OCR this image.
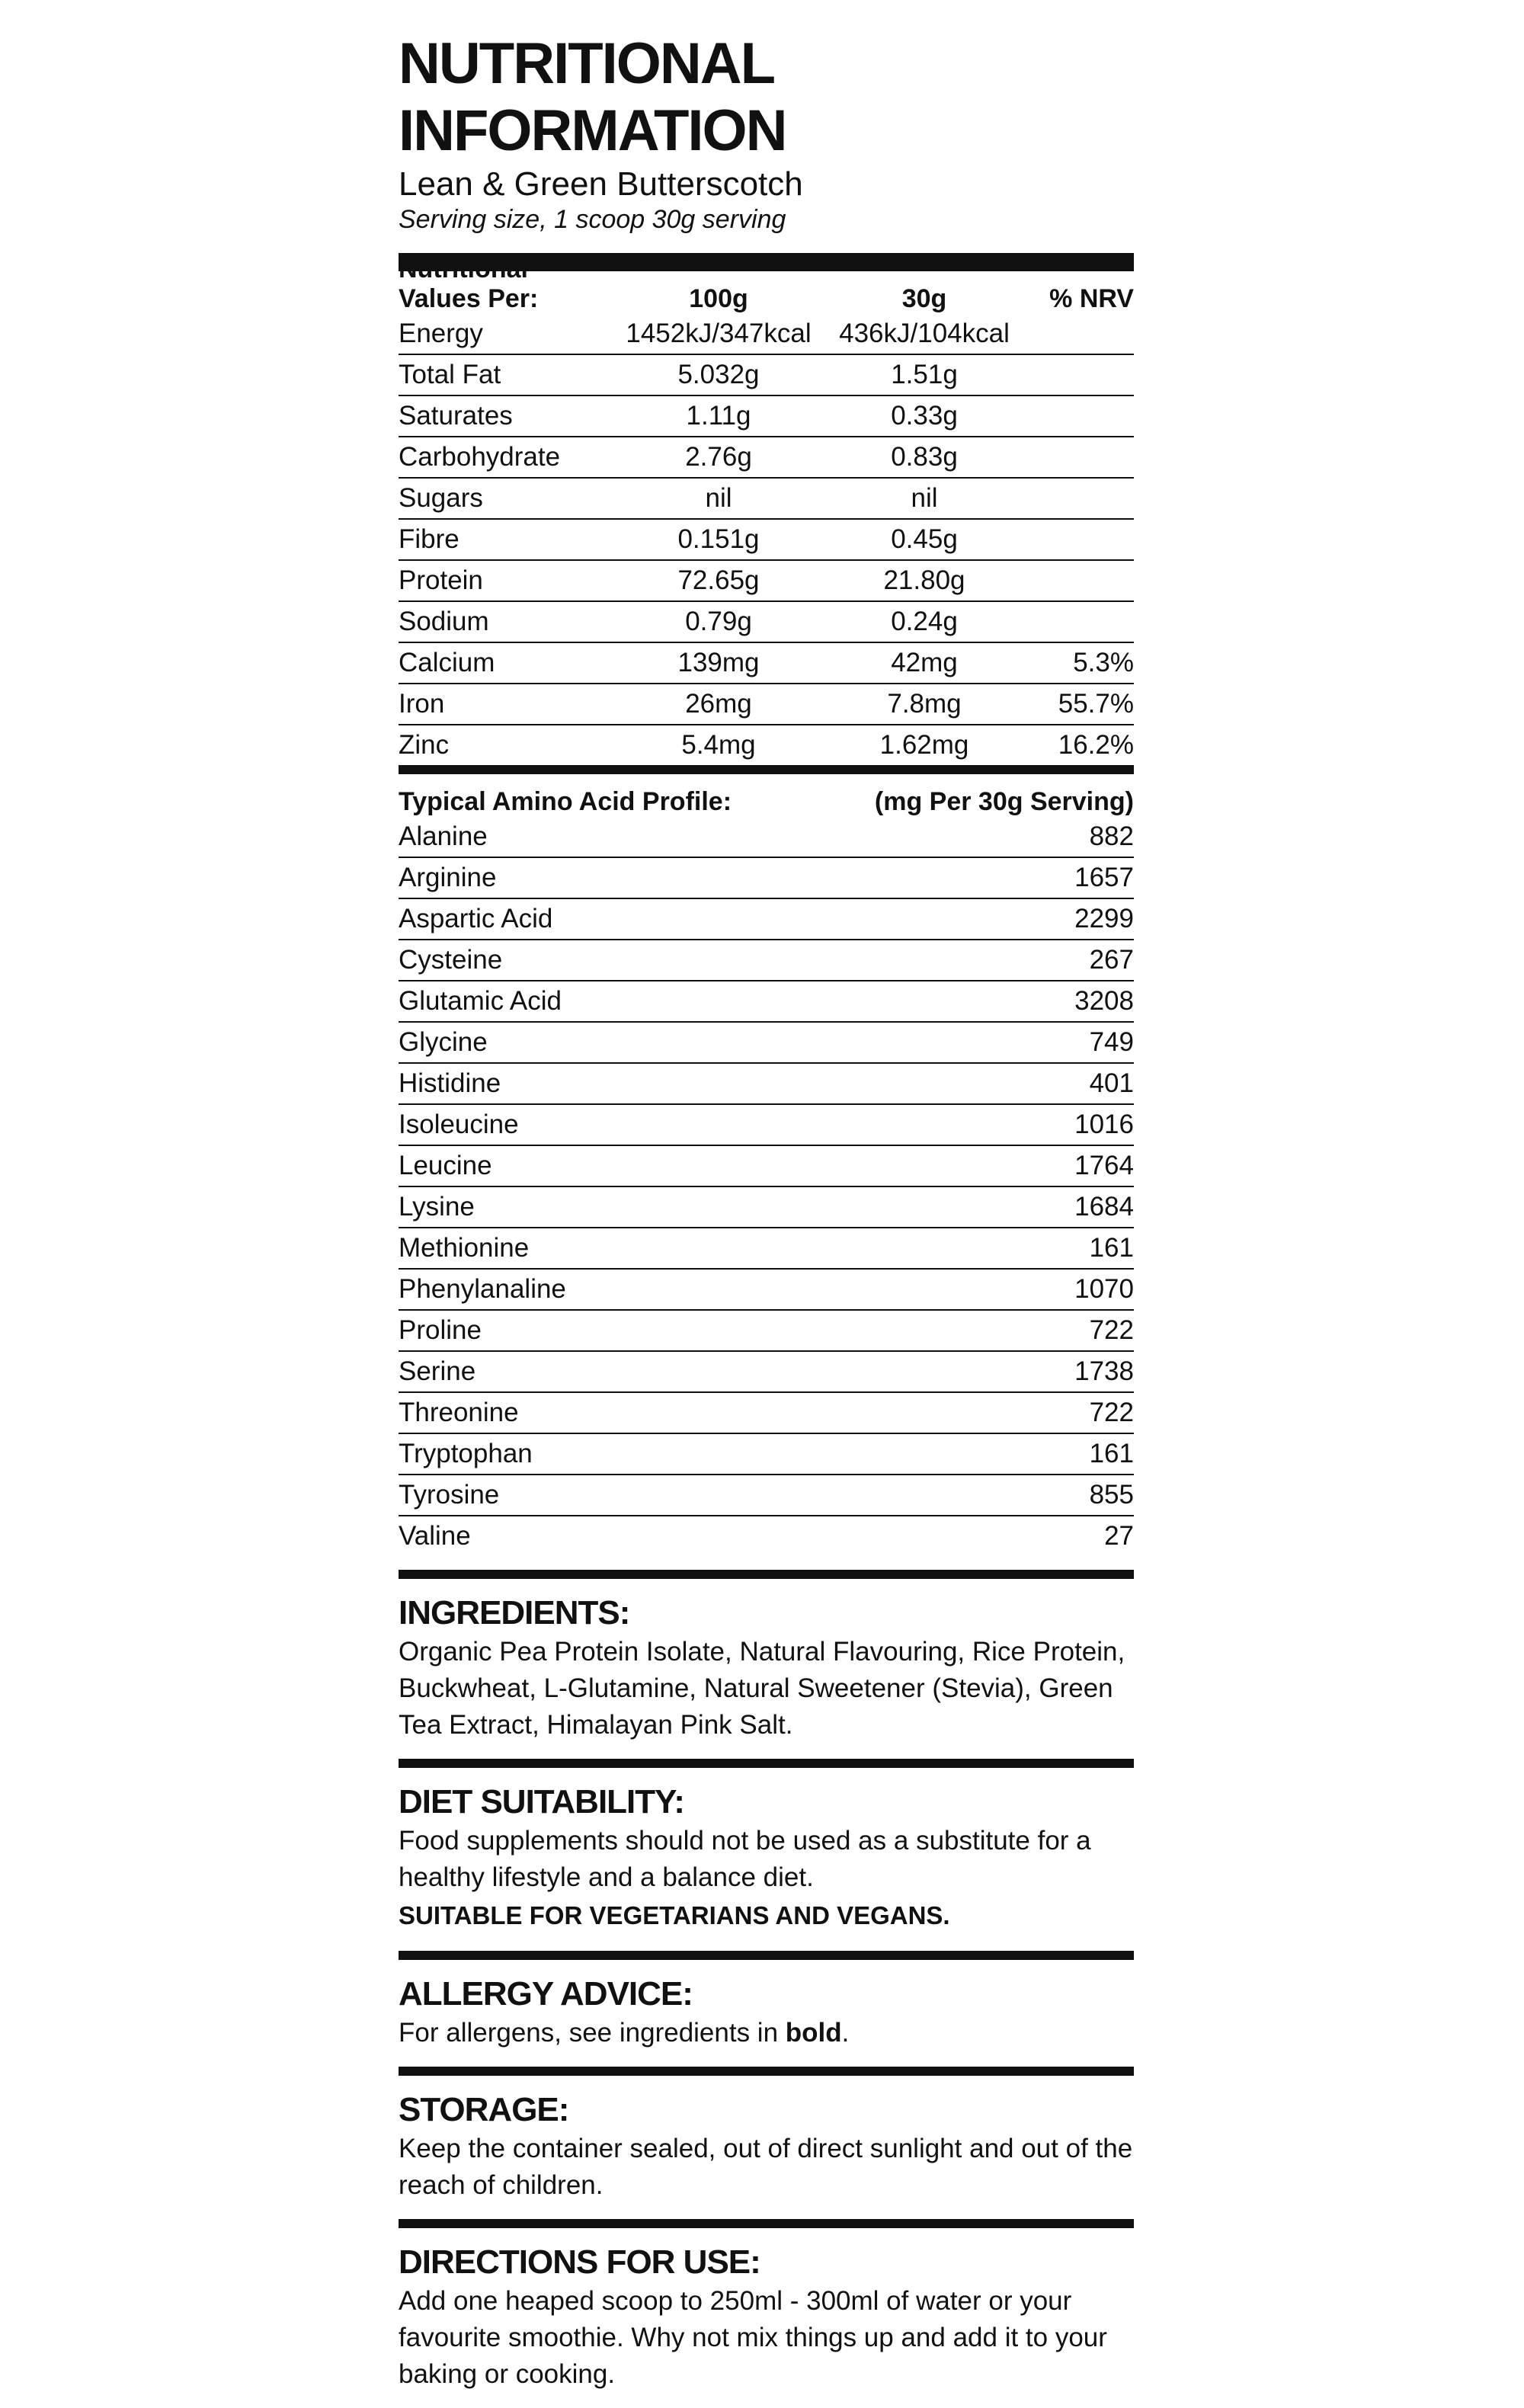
NUTRITIONAL INFORMATION
Lean & Green Butterscotch
Serving size, 1 scoop 30g serving
Nutritional Values Per:	100g	30g	% NRV
Energy	1452kJ/347kcal	436kJ/104kcal
Total Fat	5.032g	1.51g
Saturates	1.11g	0.33g
Carbohydrate	2.76g	0.83g
Sugars	nil	nil
Fibre	0.151g	0.45g
Protein	72.65g	21.80g
Sodium	0.79g	0.24g
Calcium	139mg	42mg	5.3%
Iron	26mg	7.8mg	55.7%
Zinc	5.4mg	1.62mg	16.2%
Typical Amino Acid Profile:	(mg Per 30g Serving)
Alanine	882
Arginine	1657
Aspartic Acid	2299
Cysteine	267
Glutamic Acid	3208
Glycine	749
Histidine	401
Isoleucine	1016
Leucine	1764
Lysine	1684
Methionine	161
Phenylanaline	1070
Proline	722
Serine	1738
Threonine	722
Tryptophan	161
Tyrosine	855
Valine	27
INGREDIENTS:
Organic Pea Protein Isolate, Natural Flavouring, Rice Protein, Buckwheat, L-Glutamine, Natural Sweetener (Stevia), Green Tea Extract, Himalayan Pink Salt.
DIET SUITABILITY:
Food supplements should not be used as a substitute for a healthy lifestyle and a balance diet.
SUITABLE FOR VEGETARIANS AND VEGANS.
ALLERGY ADVICE:
For allergens, see ingredients in bold.
STORAGE:
Keep the container sealed, out of direct sunlight and out of the reach of children.
DIRECTIONS FOR USE:
Add one heaped scoop to 250ml - 300ml of water or your favourite smoothie. Why not mix things up and add it to your baking or cooking.
